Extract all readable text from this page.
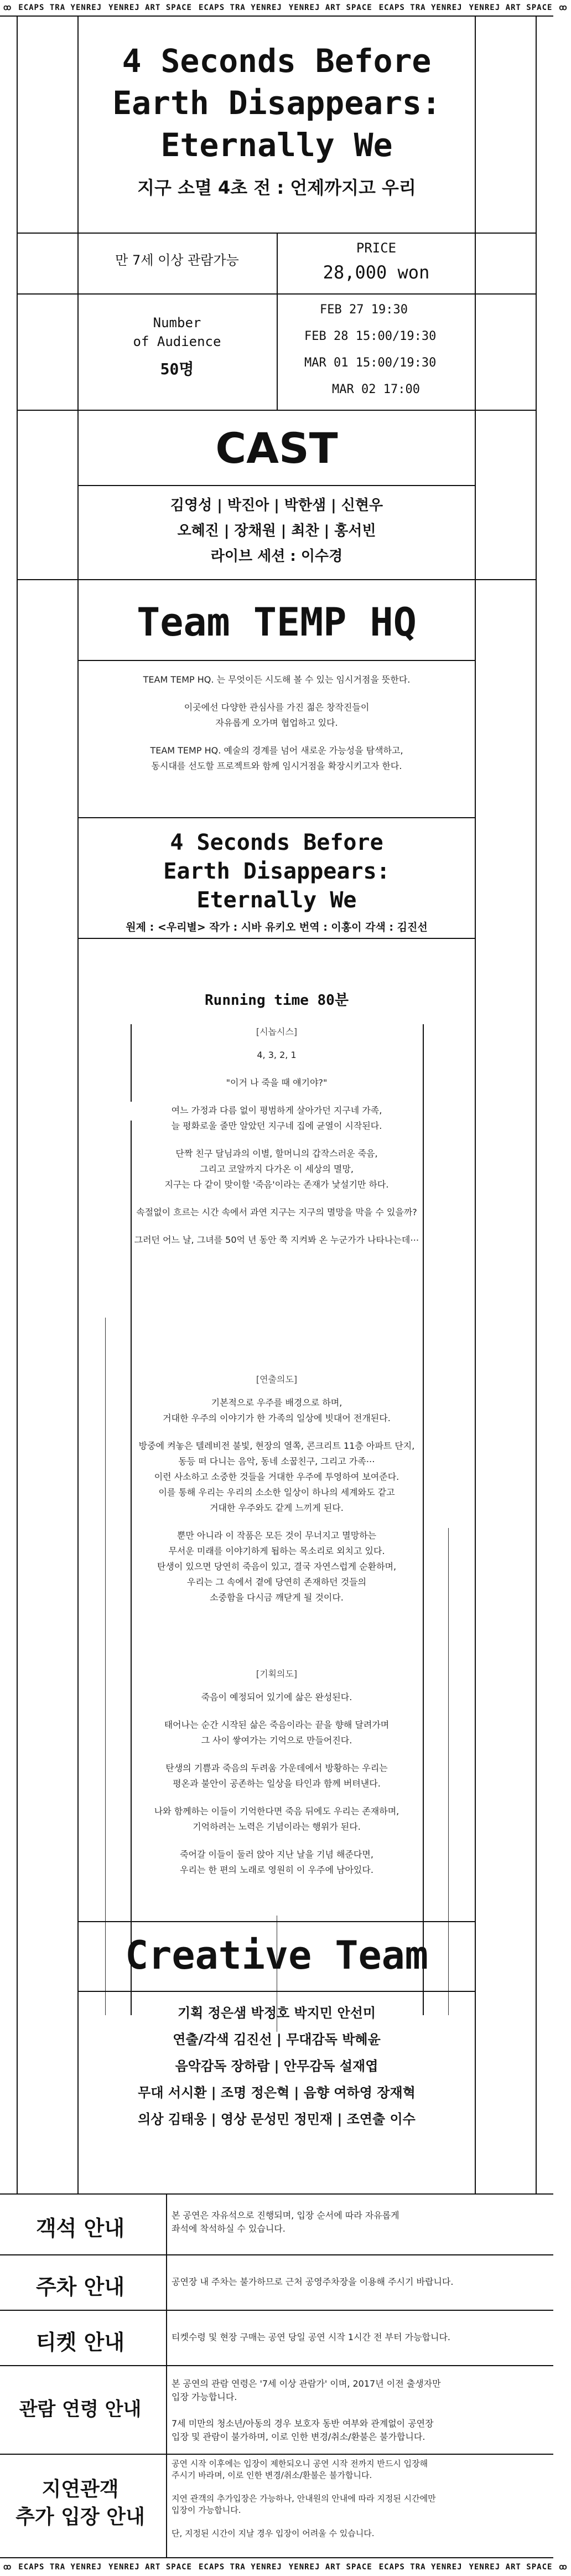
ꝏ ECAPS TRA YENREJ YENREJ ART SPACE ECAPS TRA YENREJ YENREJ ART SPACE ECAPS TRA YENREJ YENREJ ART SPACE ꝏ
4 Seconds Before
Earth Disappears:
Eternally We
지구 소멸 4초 전 : 언제까지고 우리
만 7세 이상 관람가능
PRICE
28,000 won
Number
of Audience
50명
FEB 27 19:30
FEB 28 15:00/19:30
MAR 01 15:00/19:30
MAR 02 17:00
CAST
김영성 | 박진아 | 박한샘 | 신현우
오혜진 | 장채원 | 최찬 | 홍서빈
라이브 세션 : 이수경
Team TEMP HQ

TEAM TEMP HQ. 는 무엇이든 시도해 볼 수 있는 임시거점을 뜻한다.

이곳에선 다양한 관심사를 가진 젊은 창작진들이
자유롭게 오가며 협업하고 있다.

TEAM TEMP HQ. 예술의 경계를 넘어 새로운 가능성을 탐색하고,
동시대를 선도할 프로젝트와 함께 임시거점을 확장시키고자 한다.

4 Seconds Before
Earth Disappears:
Eternally We
원제 : <우리별> 작가 : 시바 유키오 번역 : 이홍이 각색 : 김진선
Running time 80분

[시놉시스]

4, 3, 2, 1

"이거 나 죽을 때 얘기야?"

여느 가정과 다름 없이 평범하게 살아가던 지구네 가족,
늘 평화로울 줄만 알았던 지구네 집에 균열이 시작된다.

단짝 친구 달님과의 이별, 할머니의 갑작스러운 죽음,
그리고 코알까지 다가온 이 세상의 멸망,
지구는 다 같이 맞이할 '죽음'이라는 존재가 낯설기만 하다.

속절없이 흐르는 시간 속에서 과연 지구는 지구의 멸망을 막을 수 있을까?

그러던 어느 날, 그녀를 50억 년 동안 쭉 지켜봐 온 누군가가 나타나는데⋯

[연출의도]

기본적으로 우주를 배경으로 하며,
거대한 우주의 이야기가 한 가족의 일상에 빗대어 전개된다.

방중에 켜놓은 텔레비전 불빛, 현장의 열쪽, 콘크리트 11층 아파트 단지,
동등 떠 다니는 음악, 동네 소꿉친구, 그리고 가족⋯
이런 사소하고 소중한 것들을 거대한 우주에 투영하여 보여준다.
이를 통해 우리는 우리의 소소한 일상이 하나의 세계와도 같고
거대한 우주와도 같게 느끼게 된다.

뿐만 아니라 이 작품은 모든 것이 무너지고 멸망하는
무서운 미래를 이야기하게 됩하는 목소리로 외치고 있다.
탄생이 있으면 당연히 죽음이 있고, 결국 자연스럽게 순환하며,
우리는 그 속에서 곁에 당연히 존재하던 것들의
소중함을 다시금 깨닫게 될 것이다.

[기획의도]

죽음이 예정되어 있기에 삶은 완성된다.

태어나는 순간 시작된 삶은 죽음이라는 끝을 향해 달려가며
그 사이 쌓여가는 기억으로 만들어진다.

탄생의 기쁨과 죽음의 두려움 가운데에서 방황하는 우리는
평온과 불안이 공존하는 일상을 타인과 함께 버텨낸다.

나와 함께하는 이들이 기억한다면 죽음 뒤에도 우리는 존재하며,
기억하려는 노력은 기념이라는 행위가 된다.

죽어갈 이들이 둘러 앉아 지난 날을 기념 해준다면,
우리는 한 편의 노래로 영원히 이 우주에 남아있다.

Creative Team
기획 정은샘 박정호 박지민 안선미
연출/각색 김진선 | 무대감독 박혜윤
음악감독 장하람 | 안무감독 설재엽
무대 서시환 | 조명 정은혁 | 음향 여하영 장재혁
의상 김태웅 | 영상 문성민 정민재 | 조연출 이수
객석 안내
본 공연은 자유석으로 진행되며, 입장 순서에 따라 자유롭게
좌석에 착석하실 수 있습니다.
주차 안내	공연장 내 주차는 불가하므로 근처 공영주차장을 이용해 주시기 바랍니다.
티켓 안내	티켓수령 및 현장 구매는 공연 당일 공연 시작 1시간 전 부터 가능합니다.
관람 연령 안내
본 공연의 관람 연령은 '7세 이상 관람가' 이며, 2017년 이전 출생자만
입장 가능합니다.

7세 미만의 청소년/아동의 경우 보호자 동반 여부와 관계없이 공연장
입장 및 관람이 불가하며, 이로 인한 변경/취소/환불은 불가합니다.
지연관객
추가 입장 안내
공연 시작 이후에는 입장이 제한되오니 공연 시작 전까지 반드시 입장해
주시기 바라며, 이로 인한 변경/취소/환불은 불가합니다.

지연 관객의 추가입장은 가능하나, 안내원의 안내에 따라 지정된 시간에만
입장이 가능합니다.

단, 지정된 시간이 지날 경우 입장이 어려울 수 있습니다.
ꝏ ECAPS TRA YENREJ YENREJ ART SPACE ECAPS TRA YENREJ YENREJ ART SPACE ECAPS TRA YENREJ YENREJ ART SPACE ꝏ
